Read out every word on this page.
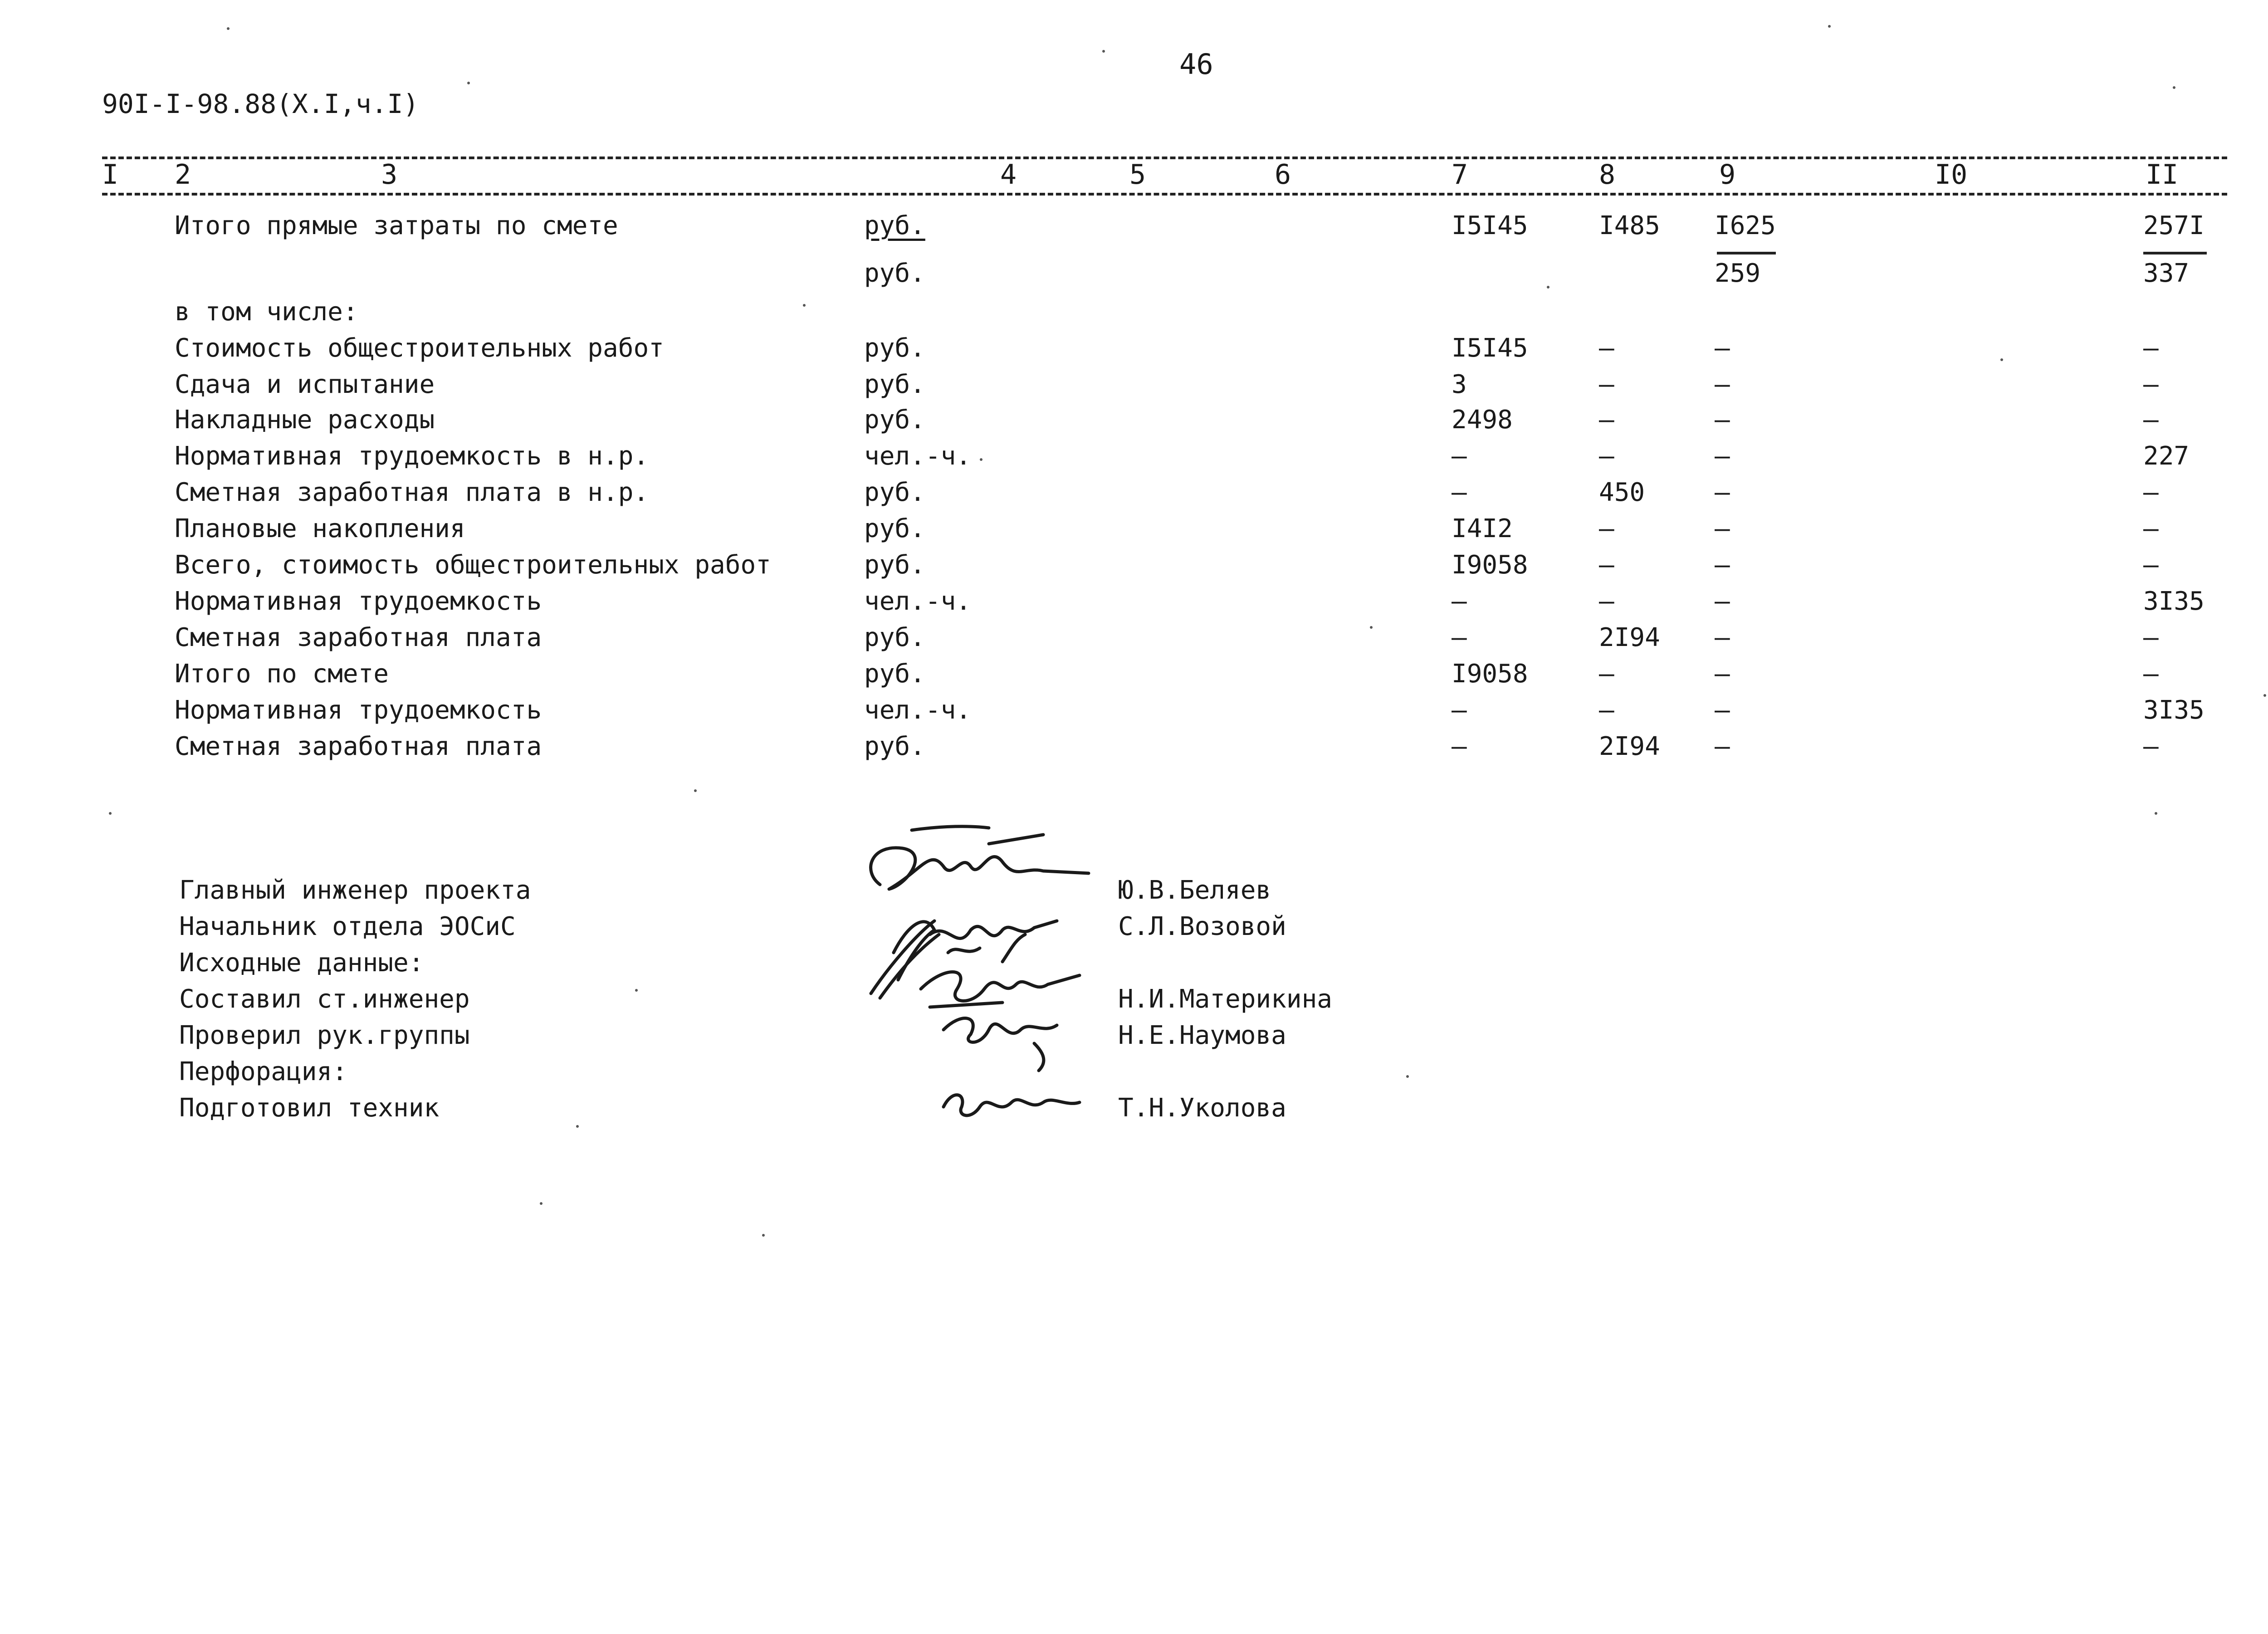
46
90I-I-98.88(X.I,ч.I)
I 2	3	4	5	6	7	8	9	I0	II
Итого прямые затраты по смете	руб.	I5I45	I485 I625	257I
руб.	259	337
в том числе:
Стоимость общестроительных работ	руб.	I5I45	–	–	–
Сдача и испытание	руб.	3	–	–	–
Накладные расходы	руб.	2498	–	–	–
Нормативная трудоемкость в н.р.	чел.-ч.	–	–	–	227
Сметная заработная плата в н.р.	руб.	–	450	–	–
Плановые накопления	руб.	I4I2	–	–	–
Всего, стоимость общестроительных работ	руб.	I9058	–	–	–
Нормативная трудоемкость	чел.-ч.	–	–	–	3I35
Сметная заработная плата	руб.	–	2I94 –	–
Итого по смете	руб.	I9058	–	–	–
Нормативная трудоемкость	чел.-ч.	–	–	–	3I35
Сметная заработная плата	руб.	–	2I94 –	–
Главный инженер проекта	Ю.В.Беляев
Начальник отдела ЭОСиС	С.Л.Возовой
Исходные данные:
Составил ст.инженер	Н.И.Материкина
Проверил рук.группы	Н.Е.Наумова
Перфорация:
Подготовил техник	Т.Н.Уколова
